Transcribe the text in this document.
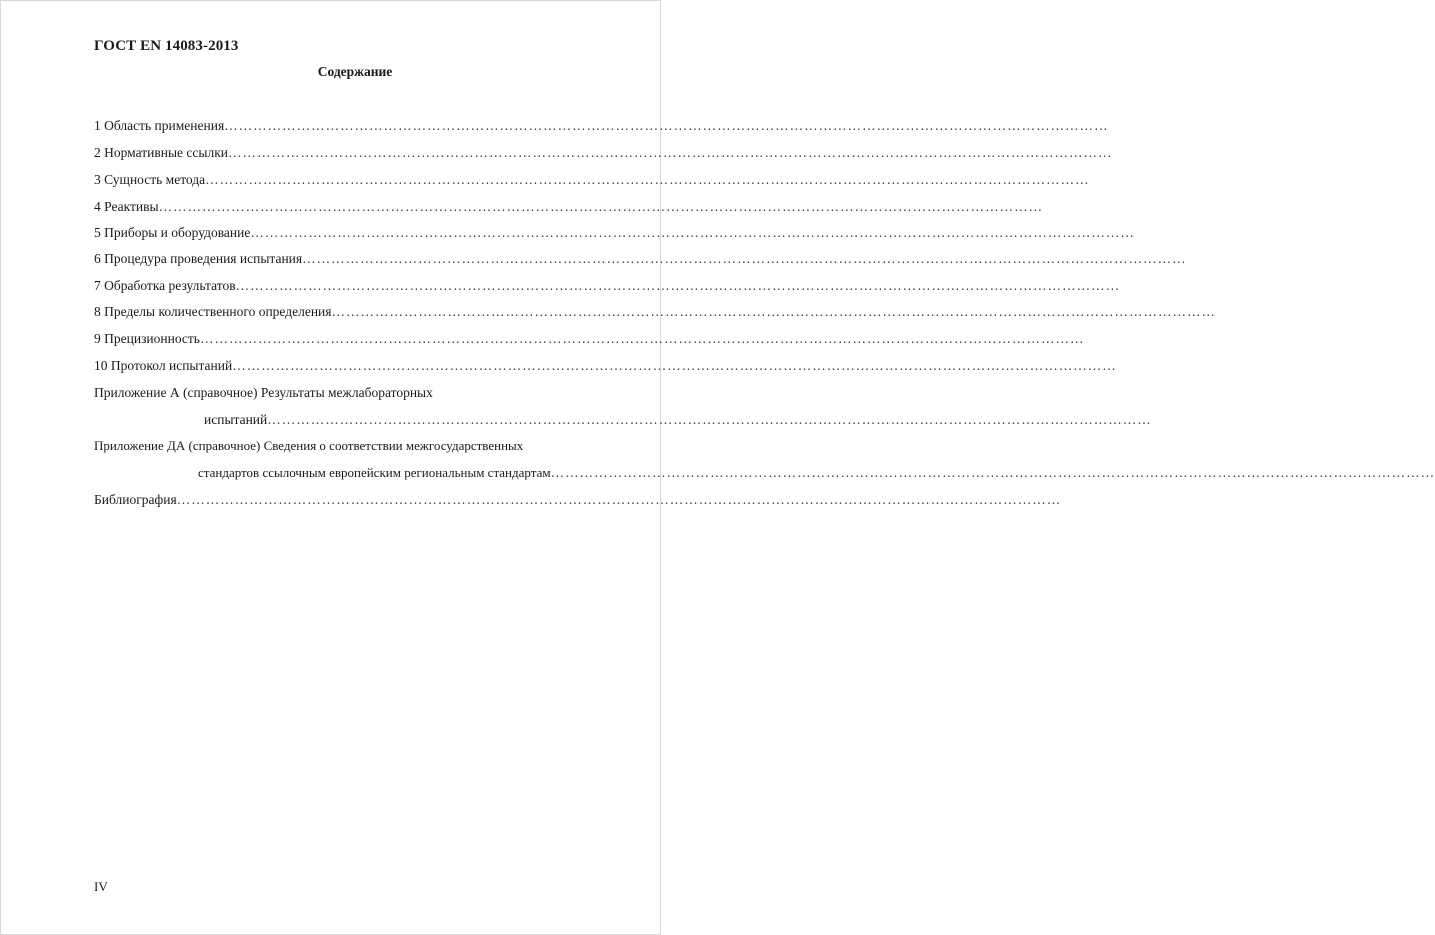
ГОСТ EN 14083-2013
Содержание
1 Область применения…………………………………………………………………………………………………………………………………………………………………
2 Нормативные ссылки…………………………………………………………………………………………………………………………………………………………………
3 Сущность метода…………………………………………………………………………………………………………………………………………………………………
4 Реактивы…………………………………………………………………………………………………………………………………………………………………
5 Приборы и оборудование…………………………………………………………………………………………………………………………………………………………………
6 Процедура проведения испытания…………………………………………………………………………………………………………………………………………………………………
7 Обработка результатов…………………………………………………………………………………………………………………………………………………………………
8 Пределы количественного определения…………………………………………………………………………………………………………………………………………………………………
9 Прецизионность…………………………………………………………………………………………………………………………………………………………………
10 Протокол испытаний…………………………………………………………………………………………………………………………………………………………………
Приложение А (справочное) Результаты межлабораторных
испытаний…………………………………………………………………………………………………………………………………………………………………
Приложение ДА (справочное) Сведения о соответствии межгосударственных
стандартов ссылочным европейским региональным стандартам…………………………………………………………………………………………………………………………………………………………………
Библиография…………………………………………………………………………………………………………………………………………………………………
IV
